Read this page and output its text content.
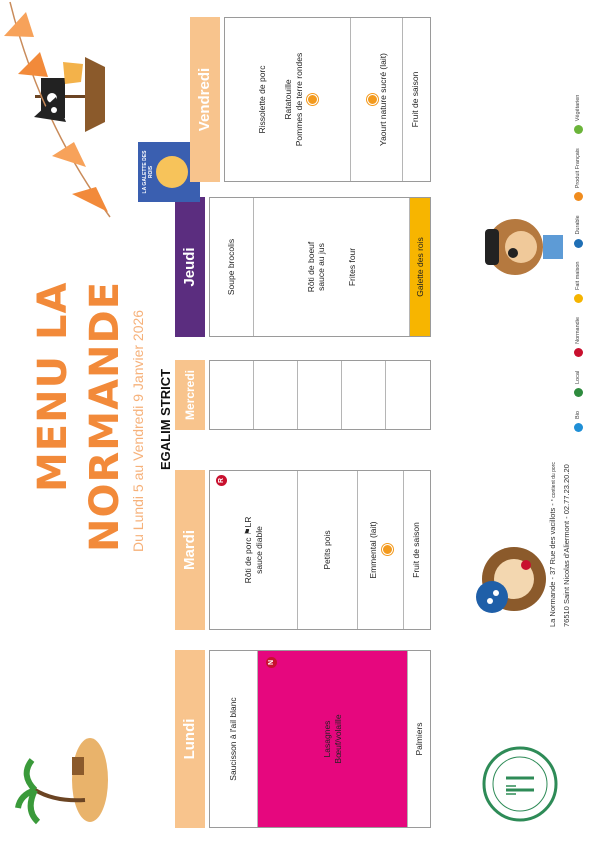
MENU LA NORMANDE Du Lundi 5 au Vendredi 9 Janvier 2026 EGALIM STRICT
Lundi	Saucisson à l'ail blanc
N
Lasagnes Bœuf/volaille	Palmiers
Mardi
R
Rôti de porc ⚑LR sauce diable	Petits pois	Emmental (lait)	Fruit de saison
Mercredi
Jeudi	Soupe brocolis	Rôti de boeuf sauce au jus Frites four	Galette des rois
LA GALETTE DES ROIS
Vendredi	Rissolette de porc Ratatouille Pommes de terre rondes	Yaourt nature sucré (lait)	Fruit de saison
La Normande - 37 Rue des vacillots - * contient du porc 76510 Saint Nicolas d'Aliermont - 02.77.23.20.20
Bio
Local
Normandie
Fait maison
Durable
Produit Français
Végétarien
